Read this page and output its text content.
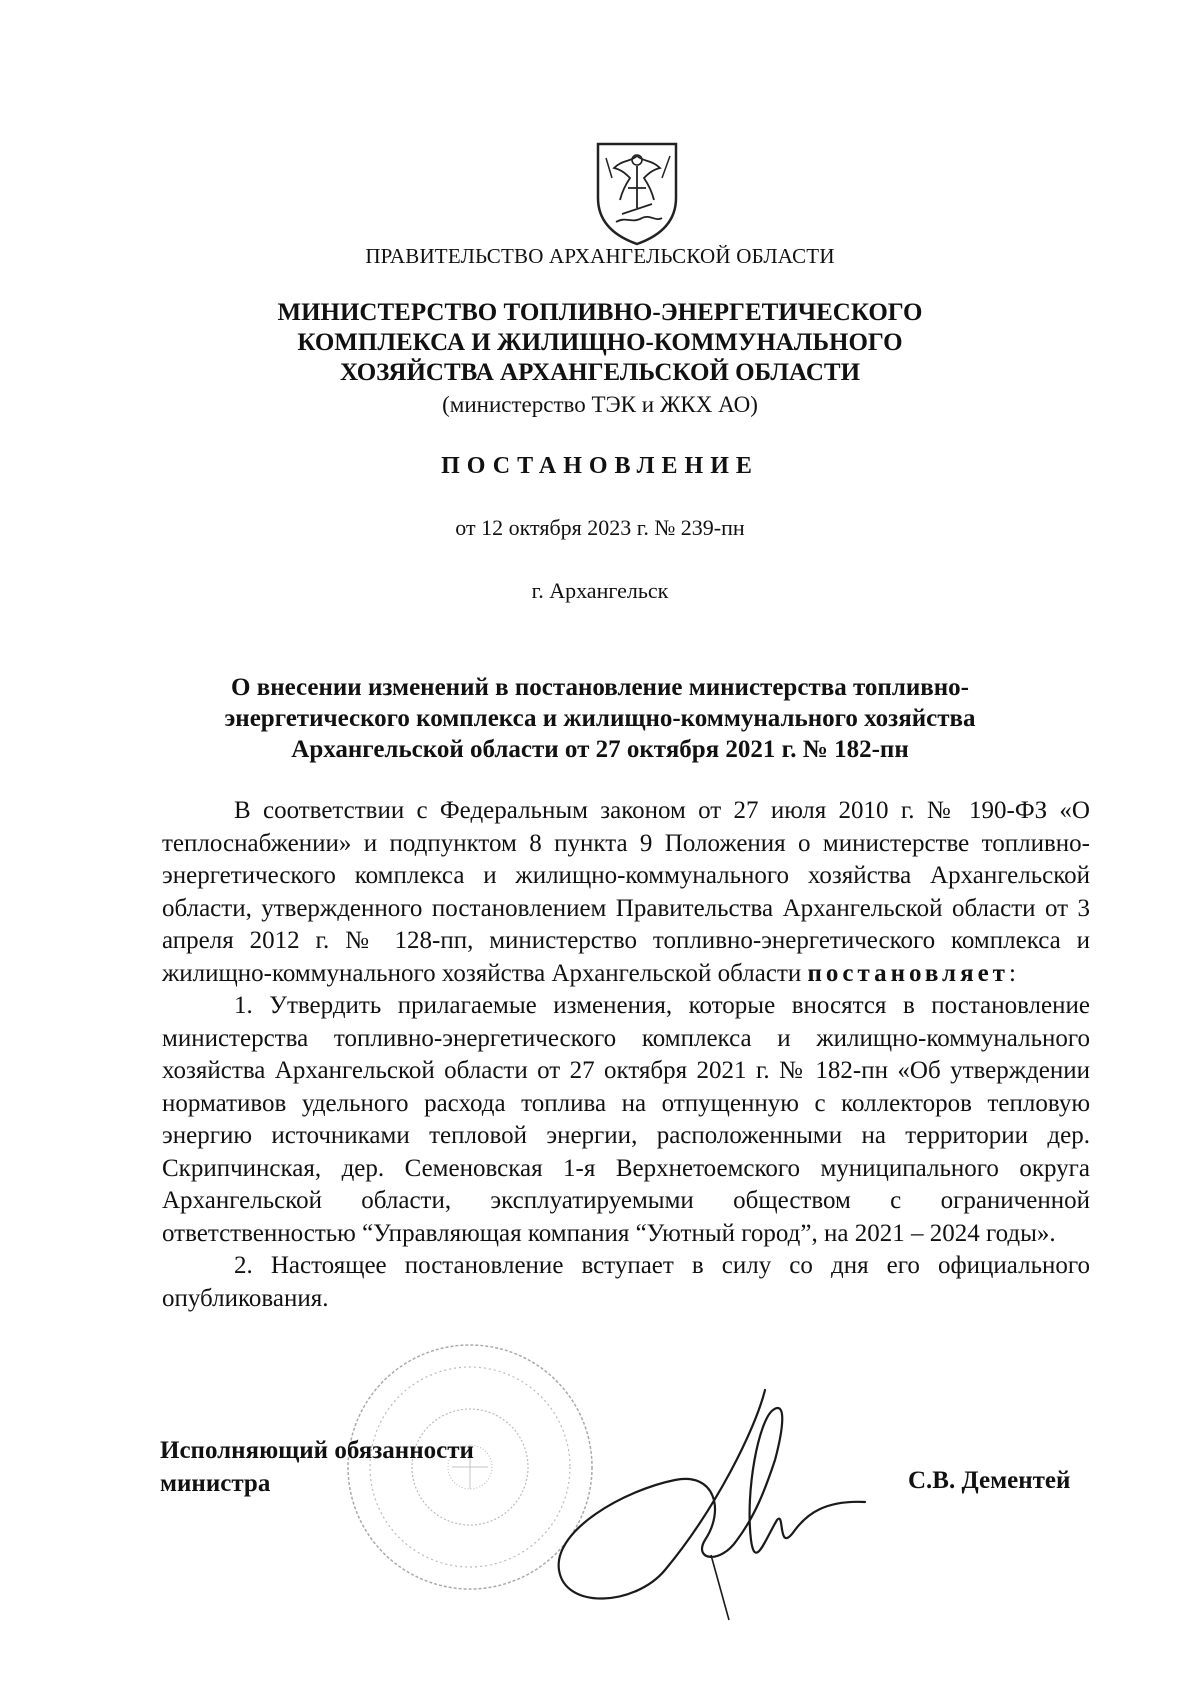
ПРАВИТЕЛЬСТВО АРХАНГЕЛЬСКОЙ ОБЛАСТИ
МИНИСТЕРСТВО ТОПЛИВНО-ЭНЕРГЕТИЧЕСКОГО
КОМПЛЕКСА И ЖИЛИЩНО-КОММУНАЛЬНОГО
ХОЗЯЙСТВА АРХАНГЕЛЬСКОЙ ОБЛАСТИ
(министерство ТЭК и ЖКХ АО)
ПОСТАНОВЛЕНИЕ
от 12 октября 2023 г. № 239-пн
г. Архангельск
О внесении изменений в постановление министерства топливно-
энергетического комплекса и жилищно-коммунального хозяйства
Архангельской области от 27 октября 2021 г. № 182-пн

В соответствии с Федеральным законом от 27 июля 2010 г. № 190-ФЗ «О теплоснабжении» и подпунктом 8 пункта 9 Положения о министерстве топливно-энергетического комплекса и жилищно-коммунального хозяйства Архангельской области, утвержденного постановлением Правительства Архангельской области от 3 апреля 2012 г. № 128-пп, министерство топливно-энергетического комплекса и жилищно-коммунального хозяйства Архангельской области постановляет:

1. Утвердить прилагаемые изменения, которые вносятся в постановление министерства топливно-энергетического комплекса и жилищно-коммунального хозяйства Архангельской области от 27 октября 2021 г. № 182-пн «Об утверждении нормативов удельного расхода топлива на отпущенную с коллекторов тепловую энергию источниками тепловой энергии, расположенными на территории дер. Скрипчинская, дер. Семеновская 1-я Верхнетоемского муниципального округа Архангельской области, эксплуатируемыми обществом с ограниченной ответственностью “Управляющая компания “Уютный город”, на 2021 – 2024 годы».

2. Настоящее постановление вступает в силу со дня его официального опубликования.

Исполняющий обязанности
министра	С.В. Дементей
